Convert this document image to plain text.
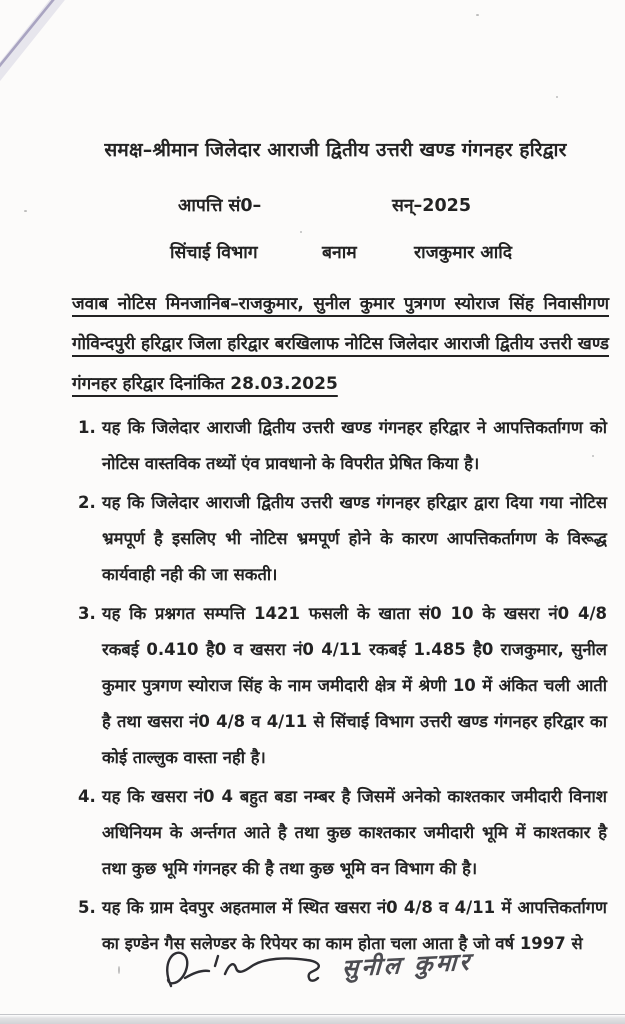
समक्ष–श्रीमान जिलेदार आराजी द्वितीय उत्तरी खण्ड गंगनहर हरिद्वार
आपत्ति सं0–	सन्–2025
सिंचाई विभाग	बनाम	राजकुमार आदि
जवाब नोटिस मिनजानिब–राजकुमार, सुनील कुमार पुत्रगण स्योराज सिंह निवासीगण गोविन्दपुरी हरिद्वार जिला हरिद्वार बरखिलाफ नोटिस जिलेदार आराजी द्वितीय उत्तरी खण्ड गंगनहर हरिद्वार दिनांकित 28.03.2025
1. यह कि जिलेदार आराजी द्वितीय उत्तरी खण्ड गंगनहर हरिद्वार ने आपत्तिकर्तागण को नोटिस वास्तविक तथ्यों एंव प्रावधानो के विपरीत प्रेषित किया है।
2. यह कि जिलेदार आराजी द्वितीय उत्तरी खण्ड गंगनहर हरिद्वार द्वारा दिया गया नोटिस भ्रमपूर्ण है इसलिए भी नोटिस भ्रमपूर्ण होने के कारण आपत्तिकर्तागण के विरूद्ध कार्यवाही नही की जा सकती।
3. यह कि प्रश्नगत सम्पत्ति 1421 फसली के खाता सं0 10 के खसरा नं0 4/8 रकबई 0.410 है0 व खसरा नं0 4/11 रकबई 1.485 है0 राजकुमार, सुनील कुमार पुत्रगण स्योराज सिंह के नाम जमीदारी क्षेत्र में श्रेणी 10 में अंकित चली आती है तथा खसरा नं0 4/8 व 4/11 से सिंचाई विभाग उत्तरी खण्ड गंगनहर हरिद्वार का कोई ताल्लुक वास्ता नही है।
4. यह कि खसरा नं0 4 बहुत बडा नम्बर है जिसमें अनेको काश्तकार जमीदारी विनाश अधिनियम के अर्न्तगत आते है तथा कुछ काश्तकार जमीदारी भूमि में काश्तकार है तथा कुछ भूमि गंगनहर की है तथा कुछ भूमि वन विभाग की है।
5. यह कि ग्राम देवपुर अहतमाल में स्थित खसरा नं0 4/8 व 4/11 में आपत्तिकर्तागण का इण्डेन गैस सलेण्डर के रिपेयर का काम होता चला आता है जो वर्ष 1997 से
सुनील कुमार
